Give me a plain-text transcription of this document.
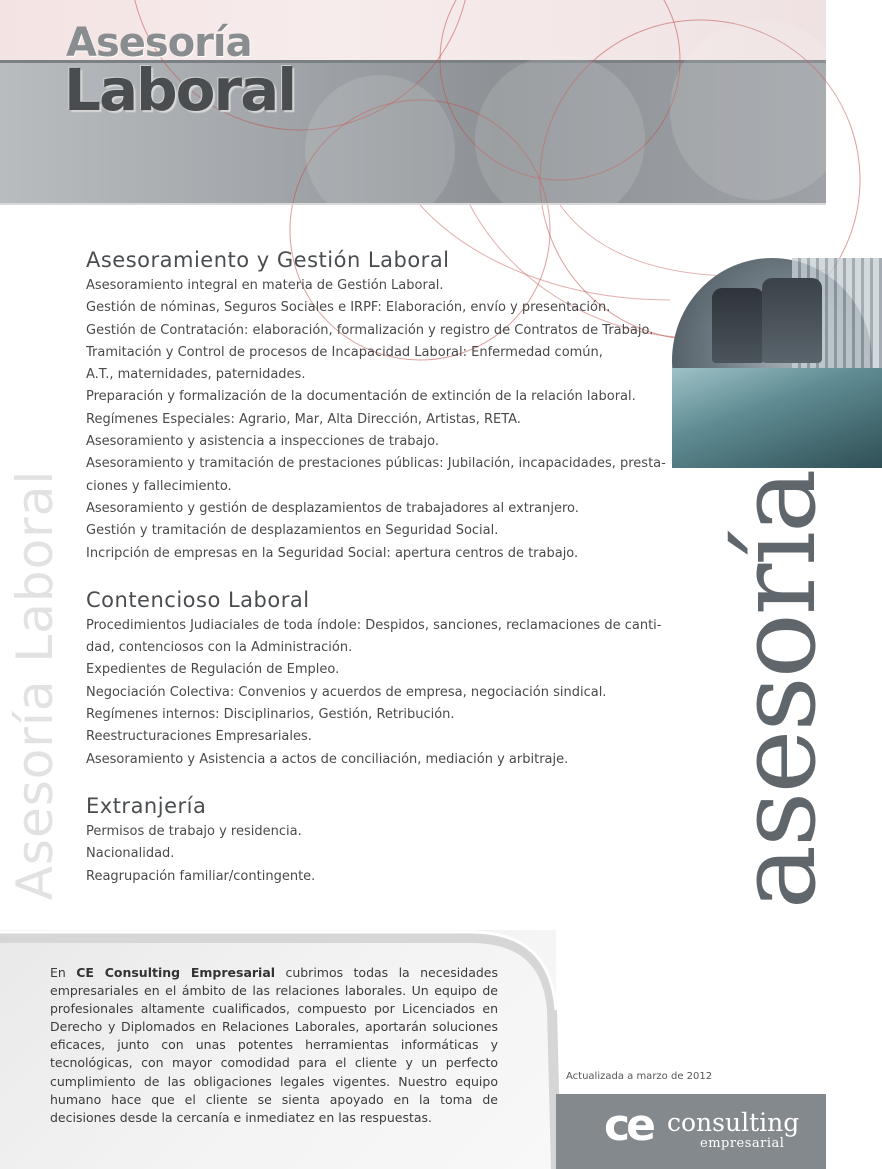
Asesoría
Laboral
Asesoría Laboral	asesoría
Asesoramiento y Gestión Laboral
Asesoramiento integral en materia de Gestión Laboral.
Gestión de nóminas, Seguros Sociales e IRPF: Elaboración, envío y presentación.
Gestión de Contratación: elaboración, formalización y registro de Contratos de Trabajo.
Tramitación y Control de procesos de Incapacidad Laboral: Enfermedad común,
A.T., maternidades, paternidades.
Preparación y formalización de la documentación de extinción de la relación laboral.
Regímenes Especiales: Agrario, Mar, Alta Dirección, Artistas, RETA.
Asesoramiento y asistencia a inspecciones de trabajo.
Asesoramiento y tramitación de prestaciones públicas: Jubilación, incapacidades, presta-
ciones y fallecimiento.
Asesoramiento y gestión de desplazamientos de trabajadores al extranjero.
Gestión y tramitación de desplazamientos en Seguridad Social.
Incripción de empresas en la Seguridad Social: apertura centros de trabajo.
Contencioso Laboral
Procedimientos Judiaciales de toda índole: Despidos, sanciones, reclamaciones de canti-
dad, contenciosos con la Administración.
Expedientes de Regulación de Empleo.
Negociación Colectiva: Convenios y acuerdos de empresa, negociación sindical.
Regímenes internos: Disciplinarios, Gestión, Retribución.
Reestructuraciones Empresariales.
Asesoramiento y Asistencia a actos de conciliación, mediación y arbitraje.
Extranjería
Permisos de trabajo y residencia.
Nacionalidad.
Reagrupación familiar/contingente.

En CE Consulting Empresarial cubrimos todas la necesidades empresariales en el ámbito de las relaciones laborales. Un equipo de profesionales altamente cualificados, compuesto por Licenciados en Derecho y Diplomados en Relaciones Laborales, aportarán soluciones eficaces, junto con unas potentes herramientas informáticas y tecnológicas, con mayor comodidad para el cliente y un perfecto cumplimiento de las obligaciones legales vigentes. Nuestro equipo humano hace que el cliente se sienta apoyado en la toma de decisiones desde la cercanía e inmediatez en las respuestas.

Actualizada a marzo de 2012
ce consulting
empresarial
